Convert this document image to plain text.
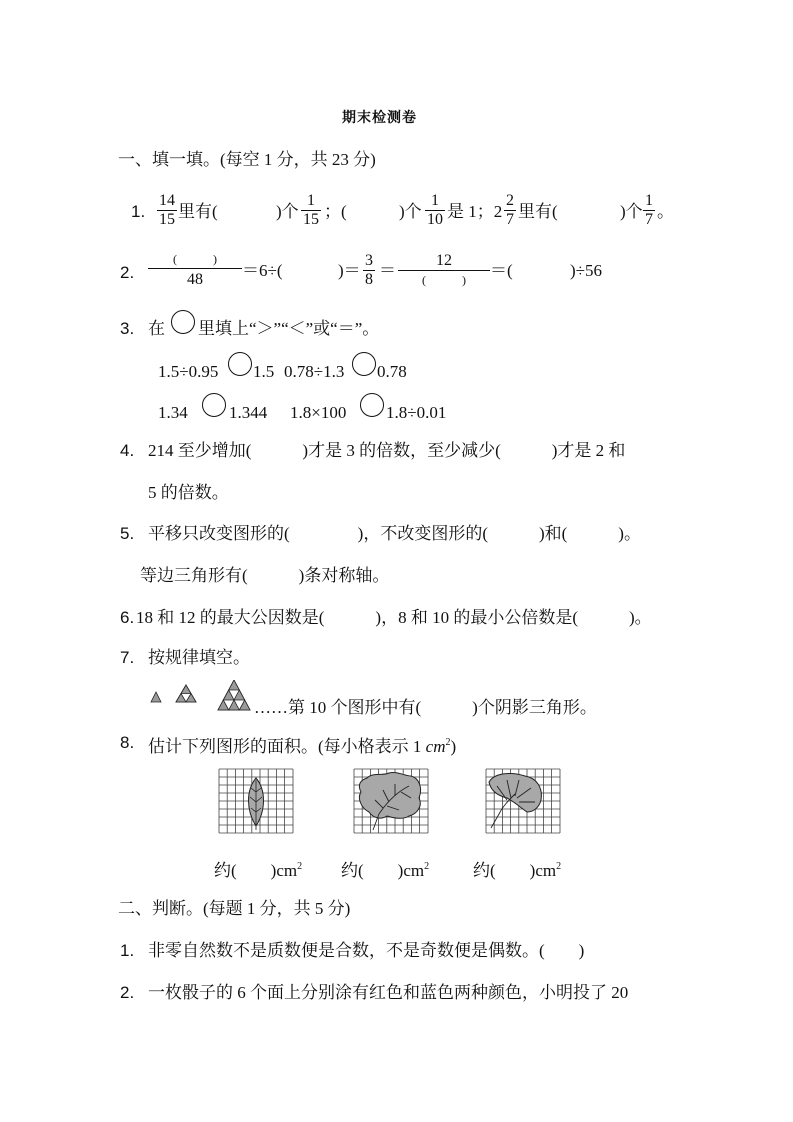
期末检测卷
一、填一填。(每空 1 分，共 23 分)
1. $\frac{14}{15}$ 里有(	)个 $\frac{1}{15}$ ；(	)个 $\frac{1}{10}$ 是 1；$2 \frac{2}{7}$ 里有(	)个 $\frac{1}{7}$ 。
2.
(　　　)
48	＝6÷(	)＝ $\frac{3}{8}$ ＝
12
(　　　)	＝(	)÷56
3. 在 里填上“＞”“＜”或“＝”。
1.5÷0.95 1.5 0.78÷1.3 0.78
1.34 1.344 1.8×100 1.8÷0.01
4. 214 至少增加(　　　)才是 3 的倍数，至少减少(　　　)才是 2 和
5 的倍数。
5. 平移只改变图形的(　　　　)，不改变图形的(　　　)和(　　　)。
等边三角形有(　　　)条对称轴。
6. 18 和 12 的最大公因数是(　　　)，8 和 10 的最小公倍数是(　　　)。
7. 按规律填空。
……第 10 个图形中有(　　　)个阴影三角形。
8. 估计下列图形的面积。(每小格表示 1 $cm^2$)
约(　　)$cm^2$ 约(　　)$cm^2$	约(　　)$cm^2$
二、判断。(每题 1 分，共 5 分)
1. 非零自然数不是质数便是合数，不是奇数便是偶数。(　　)
2. 一枚骰子的 6 个面上分别涂有红色和蓝色两种颜色，小明投了 20
